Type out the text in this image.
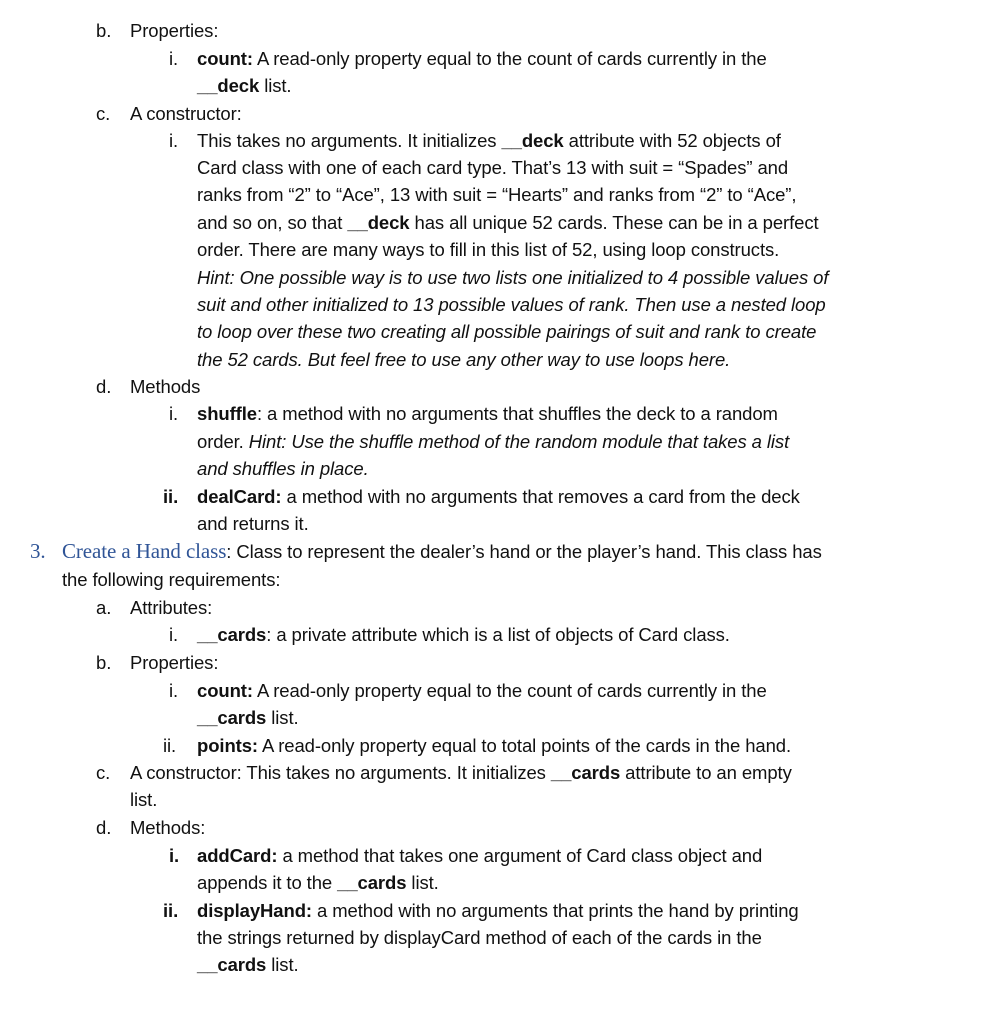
b. Properties:
i. count: A read-only property equal to the count of cards currently in the
__deck list.
c. A constructor:
i. This takes no arguments. It initializes __deck attribute with 52 objects of
Card class with one of each card type. That’s 13 with suit = “Spades” and
ranks from “2” to “Ace”, 13 with suit = “Hearts” and ranks from “2” to “Ace”,
and so on, so that __deck has all unique 52 cards. These can be in a perfect
order. There are many ways to fill in this list of 52, using loop constructs.
Hint: One possible way is to use two lists one initialized to 4 possible values of
suit and other initialized to 13 possible values of rank. Then use a nested loop
to loop over these two creating all possible pairings of suit and rank to create
the 52 cards. But feel free to use any other way to use loops here.
d. Methods
i. shuffle: a method with no arguments that shuffles the deck to a random
order. Hint: Use the shuffle method of the random module that takes a list
and shuffles in place.
ii. dealCard: a method with no arguments that removes a card from the deck
and returns it.
3. Create a Hand class: Class to represent the dealer’s hand or the player’s hand. This class has
the following requirements:
a. Attributes:
i. __cards: a private attribute which is a list of objects of Card class.
b. Properties:
i. count: A read-only property equal to the count of cards currently in the
__cards list.
ii. points: A read-only property equal to total points of the cards in the hand.
c. A constructor: This takes no arguments. It initializes __cards attribute to an empty
list.
d. Methods:
i. addCard: a method that takes one argument of Card class object and
appends it to the __cards list.
ii. displayHand: a method with no arguments that prints the hand by printing
the strings returned by displayCard method of each of the cards in the
__cards list.
